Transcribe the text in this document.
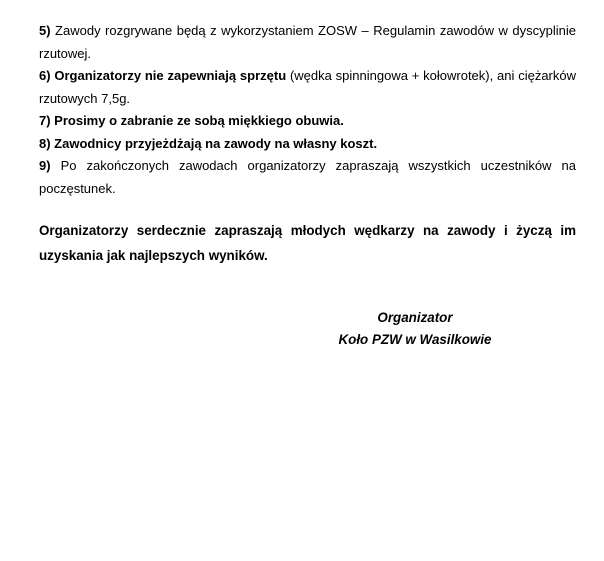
5) Zawody rozgrywane będą z wykorzystaniem ZOSW – Regulamin zawodów w dyscyplinie rzutowej.

6) Organizatorzy nie zapewniają sprzętu (wędka spinningowa + kołowrotek), ani ciężarków rzutowych 7,5g.

7) Prosimy o zabranie ze sobą miękkiego obuwia.

8) Zawodnicy przyjeżdżają na zawody na własny koszt.

9) Po zakończonych zawodach organizatorzy zapraszają wszystkich uczestników na poczęstunek.

Organizatorzy serdecznie zapraszają młodych wędkarzy na zawody i życzą im uzyskania jak najlepszych wyników.

Organizator
Koło PZW w Wasilkowie
